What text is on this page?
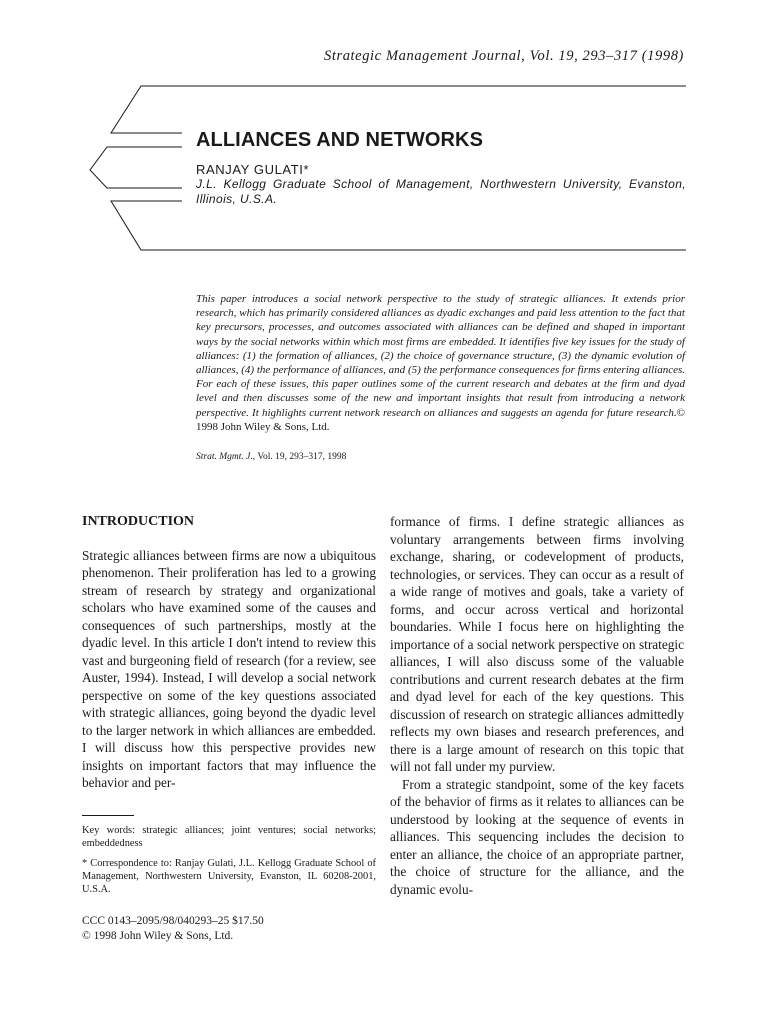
Strategic Management Journal, Vol. 19, 293–317 (1998)
ALLIANCES AND NETWORKS
RANJAY GULATI*
J.L. Kellogg Graduate School of Management, Northwestern University, Evanston, Illinois, U.S.A.
This paper introduces a social network perspective to the study of strategic alliances. It extends prior research, which has primarily considered alliances as dyadic exchanges and paid less attention to the fact that key precursors, processes, and outcomes associated with alliances can be defined and shaped in important ways by the social networks within which most firms are embedded. It identifies five key issues for the study of alliances: (1) the formation of alliances, (2) the choice of governance structure, (3) the dynamic evolution of alliances, (4) the performance of alliances, and (5) the performance consequences for firms entering alliances. For each of these issues, this paper outlines some of the current research and debates at the firm and dyad level and then discusses some of the new and important insights that result from introducing a network perspective. It highlights current network research on alliances and suggests an agenda for future research.© 1998 John Wiley & Sons, Ltd.
Strat. Mgmt. J., Vol. 19, 293–317, 1998
INTRODUCTION

Strategic alliances between firms are now a ubiquitous phenomenon. Their proliferation has led to a growing stream of research by strategy and organizational scholars who have examined some of the causes and consequences of such partnerships, mostly at the dyadic level. In this article I don't intend to review this vast and burgeoning field of research (for a review, see Auster, 1994). Instead, I will develop a social network perspective on some of the key questions associated with strategic alliances, going beyond the dyadic level to the larger network in which alliances are embedded. I will discuss how this perspective provides new insights on important factors that may influence the behavior and per-

formance of firms. I define strategic alliances as voluntary arrangements between firms involving exchange, sharing, or codevelopment of products, technologies, or services. They can occur as a result of a wide range of motives and goals, take a variety of forms, and occur across vertical and horizontal boundaries. While I focus here on highlighting the importance of a social network perspective on strategic alliances, I will also discuss some of the valuable contributions and current research debates at the firm and dyad level for each of the key questions. This discussion of research on strategic alliances admittedly reflects my own biases and research preferences, and there is a large amount of research on this topic that will not fall under my purview.

From a strategic standpoint, some of the key facets of the behavior of firms as it relates to alliances can be understood by looking at the sequence of events in alliances. This sequencing includes the decision to enter an alliance, the choice of an appropriate partner, the choice of structure for the alliance, and the dynamic evolu-

Key words: strategic alliances; joint ventures; social networks; embeddedness

* Correspondence to: Ranjay Gulati, J.L. Kellogg Graduate School of Management, Northwestern University, Evanston, IL 60208-2001, U.S.A.

CCC 0143–2095/98/040293–25 $17.50
© 1998 John Wiley & Sons, Ltd.
